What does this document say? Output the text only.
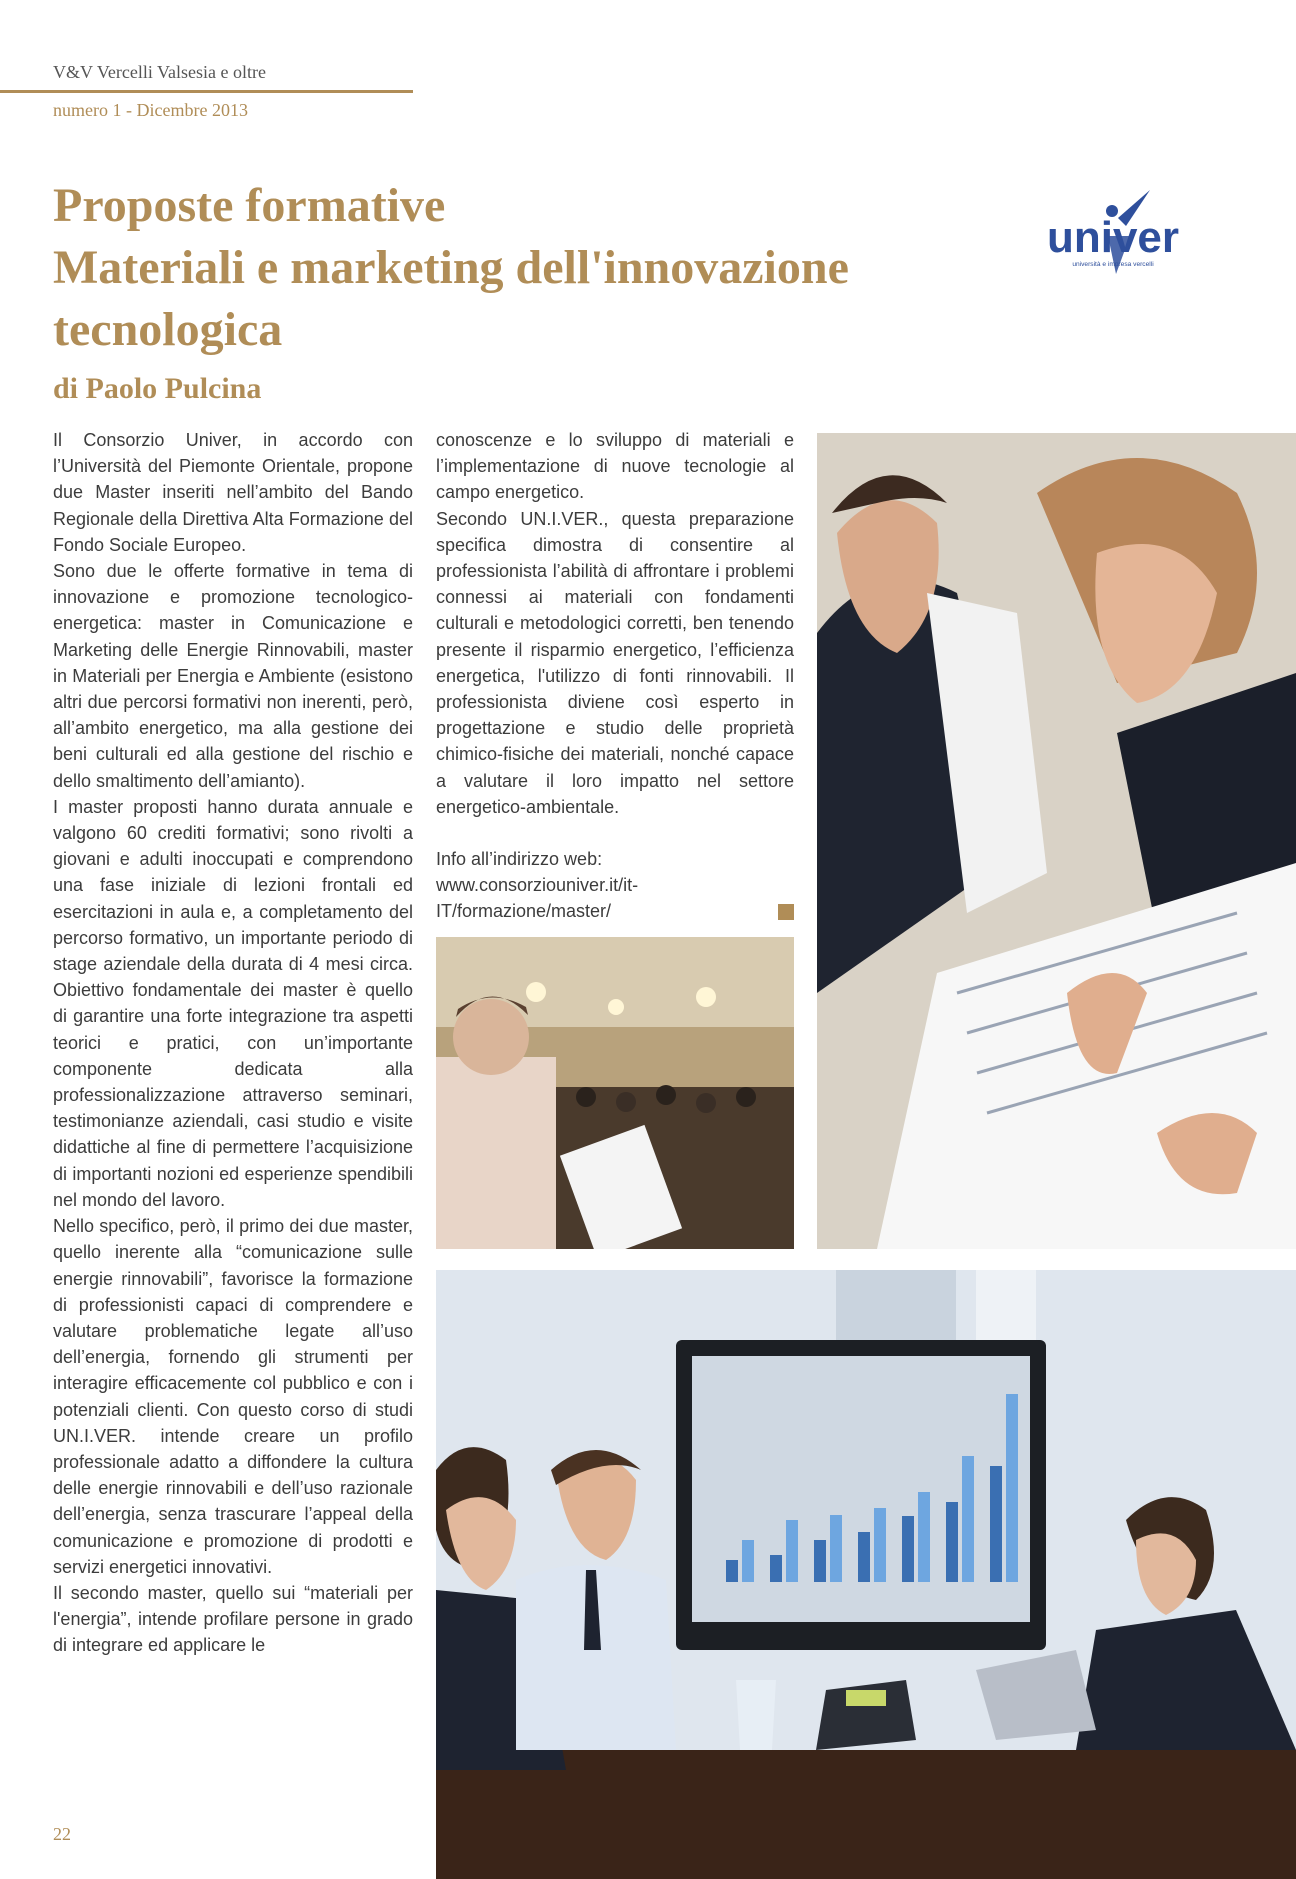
V&V Vercelli Valsesia e oltre
numero 1 - Dicembre 2013
Proposte formative
Materiali e marketing dell'innovazione
tecnologica
di Paolo Pulcina
univer
università e impresa vercelli

Il Consorzio Univer, in accordo con l’Università del Piemonte Orientale, propone due Master inseriti nell’ambito del Bando Regionale della Direttiva Alta Formazione del Fondo Sociale Europeo.

Sono due le offerte formative in tema di innovazione e promozione tecnologico-energetica: master in Comunicazione e Marketing delle Energie Rinnovabili, master in Materiali per Energia e Ambiente (esistono altri due percorsi formativi non inerenti, però, all’ambito energetico, ma alla gestione dei beni culturali ed alla gestione del rischio e dello smaltimento dell’amianto).

I master proposti hanno durata annuale e valgono 60 crediti formativi; sono rivolti a giovani e adulti inoccupati e comprendono una fase iniziale di lezioni frontali ed esercitazioni in aula e, a completamento del percorso formativo, un importante periodo di stage aziendale della durata di 4 mesi circa. Obiettivo fondamentale dei master è quello di garantire una forte integrazione tra aspetti teorici e pratici, con un’importante componente dedicata alla professionalizzazione attraverso seminari, testimonianze aziendali, casi studio e visite didattiche al fine di permettere l’acquisizione di importanti nozioni ed esperienze spendibili nel mondo del lavoro.

Nello specifico, però, il primo dei due master, quello inerente alla “comunicazione sulle energie rinnovabili”, favorisce la formazione di professionisti capaci di comprendere e valutare problematiche legate all’uso dell’energia, fornendo gli strumenti per interagire efficacemente col pubblico e con i potenziali clienti. Con questo corso di studi UN.I.VER. intende creare un profilo professionale adatto a diffondere la cultura delle energie rinnovabili e dell’uso razionale dell’energia, senza trascurare l’appeal della comunicazione e promozione di prodotti e servizi energetici innovativi.

Il secondo master, quello sui “materiali per l'energia”, intende profilare persone in grado di integrare ed applicare le

conoscenze e lo sviluppo di materiali e l’implementazione di nuove tecnologie al campo energetico.

Secondo UN.I.VER., questa preparazione specifica dimostra di consentire al professionista l’abilità di affrontare i problemi connessi ai materiali con fondamenti culturali e metodologici corretti, ben tenendo presente il risparmio energetico, l’efficienza energetica, l'utilizzo di fonti rinnovabili. Il professionista diviene così esperto in progettazione e studio delle proprietà chimico-fisiche dei materiali, nonché capace a valutare il loro impatto nel settore energetico-ambientale.

Info all’indirizzo web:

www.consorziouniver.it/it-IT/formazione/master/

22
